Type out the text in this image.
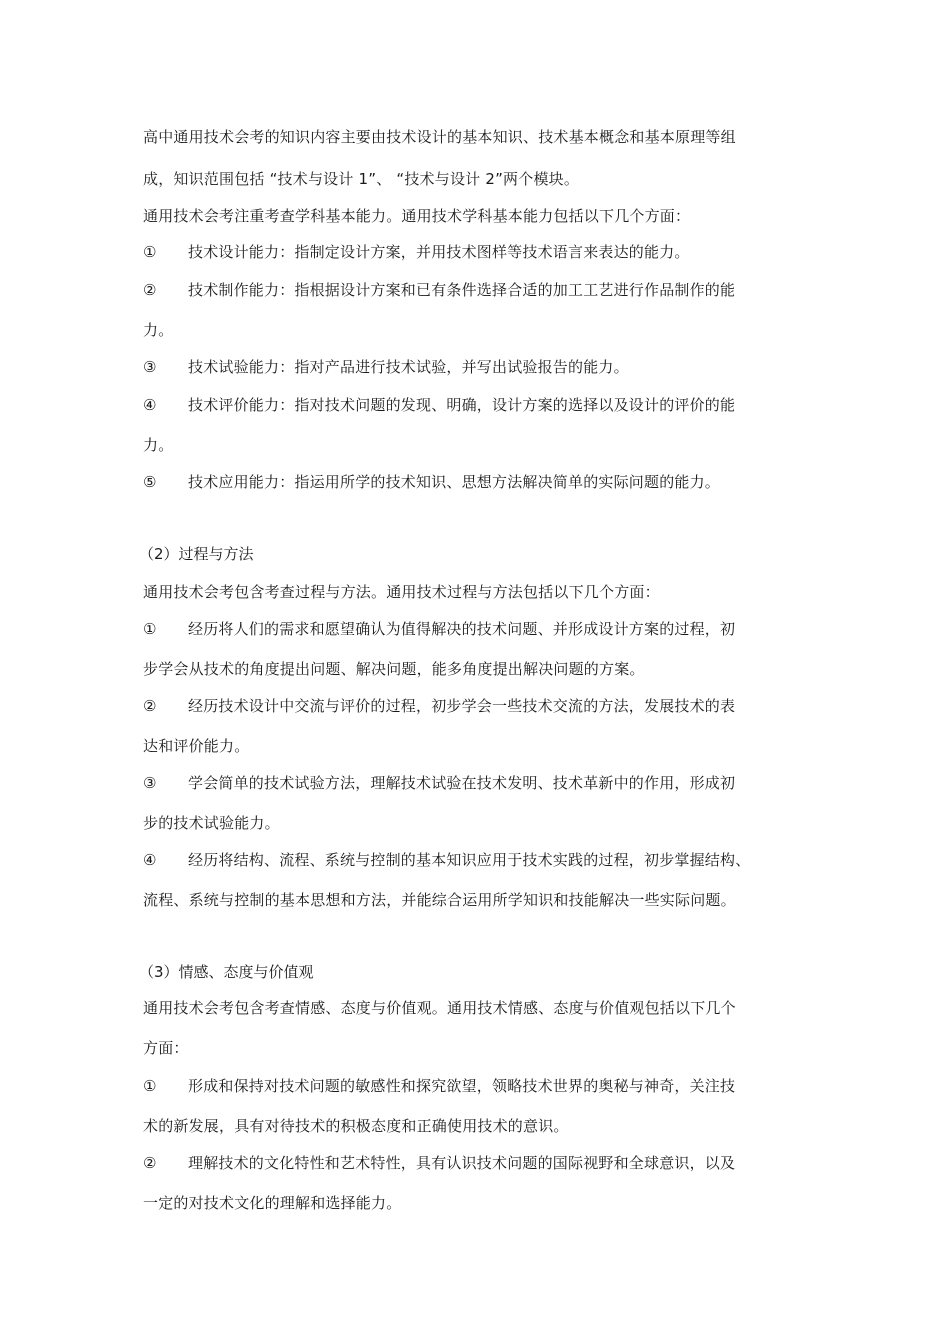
高中通用技术会考的知识内容主要由技术设计的基本知识、技术基本概念和基本原理等组
成，知识范围包括 “技术与设计 1”、 “技术与设计 2”两个模块。
通用技术会考注重考查学科基本能力。通用技术学科基本能力包括以下几个方面：
① 技术设计能力：指制定设计方案，并用技术图样等技术语言来表达的能力。
② 技术制作能力：指根据设计方案和已有条件选择合适的加工工艺进行作品制作的能
力。
③ 技术试验能力：指对产品进行技术试验，并写出试验报告的能力。
④ 技术评价能力：指对技术问题的发现、明确，设计方案的选择以及设计的评价的能
力。
⑤ 技术应用能力：指运用所学的技术知识、思想方法解决简单的实际问题的能力。
（2）过程与方法
通用技术会考包含考查过程与方法。通用技术过程与方法包括以下几个方面：
① 经历将人们的需求和愿望确认为值得解决的技术问题、并形成设计方案的过程，初
步学会从技术的角度提出问题、解决问题，能多角度提出解决问题的方案。
② 经历技术设计中交流与评价的过程，初步学会一些技术交流的方法，发展技术的表
达和评价能力。
③ 学会简单的技术试验方法，理解技术试验在技术发明、技术革新中的作用，形成初
步的技术试验能力。
④ 经历将结构、流程、系统与控制的基本知识应用于技术实践的过程，初步掌握结构、
流程、系统与控制的基本思想和方法，并能综合运用所学知识和技能解决一些实际问题。
（3）情感、态度与价值观
通用技术会考包含考查情感、态度与价值观。通用技术情感、态度与价值观包括以下几个
方面：
① 形成和保持对技术问题的敏感性和探究欲望，领略技术世界的奥秘与神奇，关注技
术的新发展，具有对待技术的积极态度和正确使用技术的意识。
② 理解技术的文化特性和艺术特性，具有认识技术问题的国际视野和全球意识，以及
一定的对技术文化的理解和选择能力。
